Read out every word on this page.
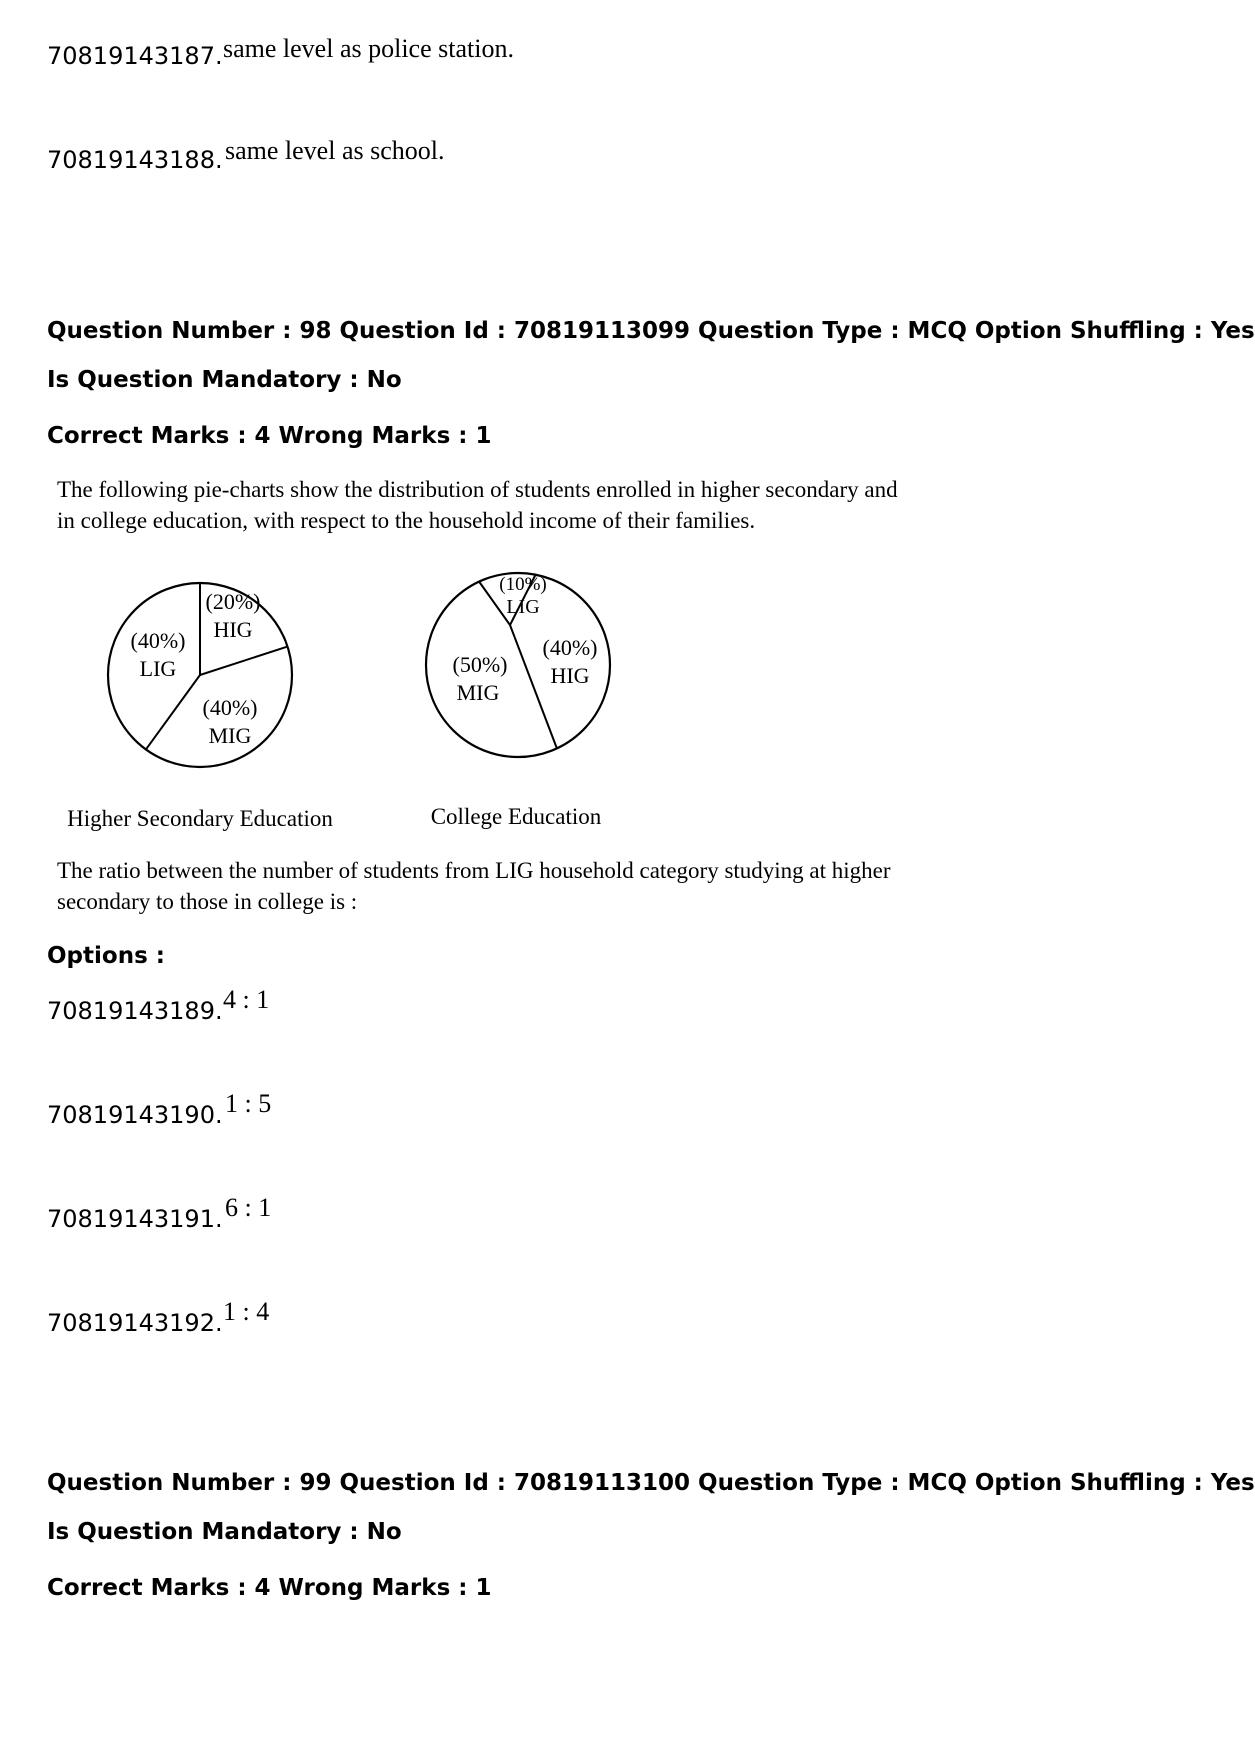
70819143187. same level as police station.
70819143188. same level as school.
Question Number : 98 Question Id : 70819113099 Question Type : MCQ Option Shuffling : Yes
Is Question Mandatory : No
Correct Marks : 4 Wrong Marks : 1
The following pie-charts show the distribution of students enrolled in higher secondary and
in college education, with respect to the household income of their families.
(20%)
HIG
(40%)
MIG
(40%)
LIG
Higher Secondary Education
(10%)
LIG
(40%)
HIG
(50%)
MIG
College Education
The ratio between the number of students from LIG household category studying at higher
secondary to those in college is :
Options :
70819143189. 4 : 1
70819143190. 1 : 5
70819143191. 6 : 1
70819143192. 1 : 4
Question Number : 99 Question Id : 70819113100 Question Type : MCQ Option Shuffling : Yes
Is Question Mandatory : No
Correct Marks : 4 Wrong Marks : 1
